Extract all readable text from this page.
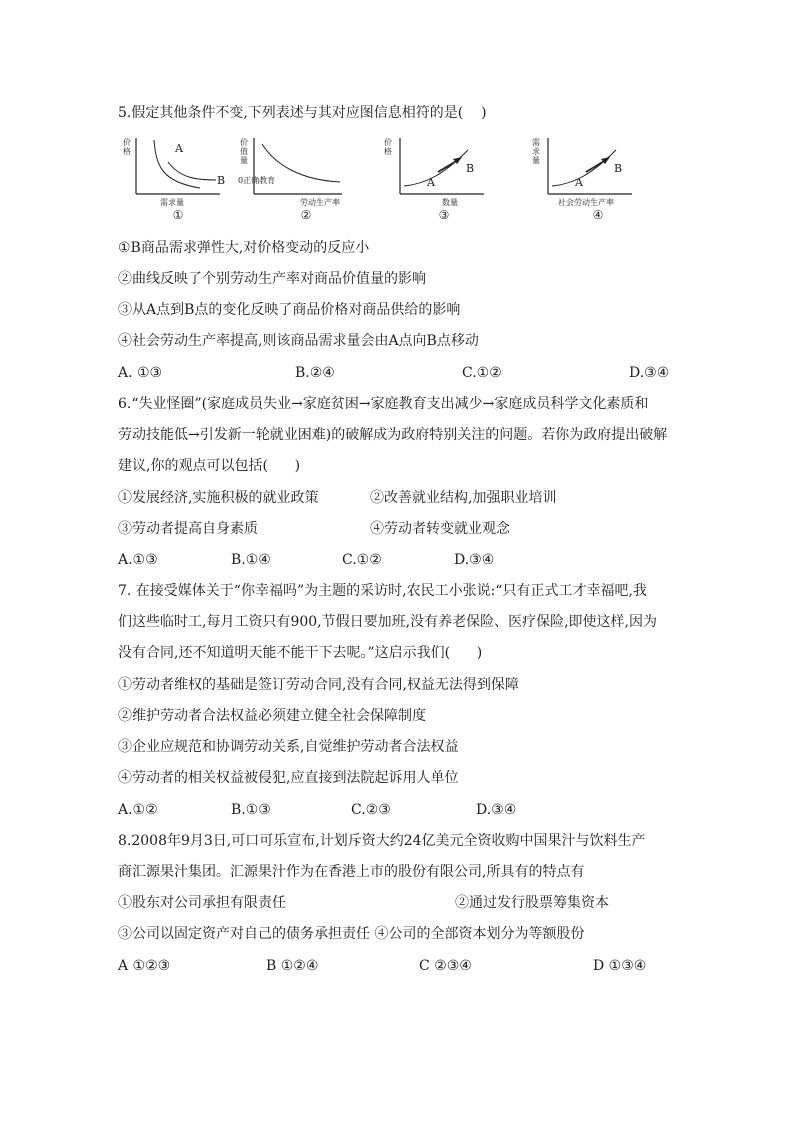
5.假定其他条件不变,下列表述与其对应图信息相符的是(    )
价
格	A
B
需求量
①
价
值
量
0正确教育
劳动生产率
②
价
格
A
B
数量
③
需
求
量
A
B
社会劳动生产率
④
①B商品需求弹性大,对价格变动的反应小
②曲线反映了个别劳动生产率对商品价值量的影响
③从A点到B点的变化反映了商品价格对商品供给的影响
④社会劳动生产率提高,则该商品需求量会由A点向B点移动
A. ①③	B.②④	C.①②	D.③④
6.“失业怪圈”(家庭成员失业→家庭贫困→家庭教育支出减少→家庭成员科学文化素质和
劳动技能低→引发新一轮就业困难)的破解成为政府特别关注的问题。若你为政府提出破解
建议,你的观点可以包括(      )
①发展经济,实施积极的就业政策	②改善就业结构,加强职业培训
③劳动者提高自身素质	④劳动者转变就业观念
A.①③	B.①④	C.①②	D.③④
7. 在接受媒体关于“你幸福吗”为主题的采访时,农民工小张说:“只有正式工才幸福吧,我
们这些临时工,每月工资只有900,节假日要加班,没有养老保险、医疗保险,即使这样,因为
没有合同,还不知道明天能不能干下去呢。”这启示我们(      )
①劳动者维权的基础是签订劳动合同,没有合同,权益无法得到保障
②维护劳动者合法权益必须建立健全社会保障制度
③企业应规范和协调劳动关系,自觉维护劳动者合法权益
④劳动者的相关权益被侵犯,应直接到法院起诉用人单位
A.①②	B.①③	C.②③	D.③④
8.2008年9月3日,可口可乐宣布,计划斥资大约24亿美元全资收购中国果汁与饮料生产
商汇源果汁集团。汇源果汁作为在香港上市的股份有限公司,所具有的特点有
①股东对公司承担有限责任	②通过发行股票筹集资本
③公司以固定资产对自己的债务承担责任 ④公司的全部资本划分为等额股份
A ①②③	B ①②④	C ②③④	D ①③④
